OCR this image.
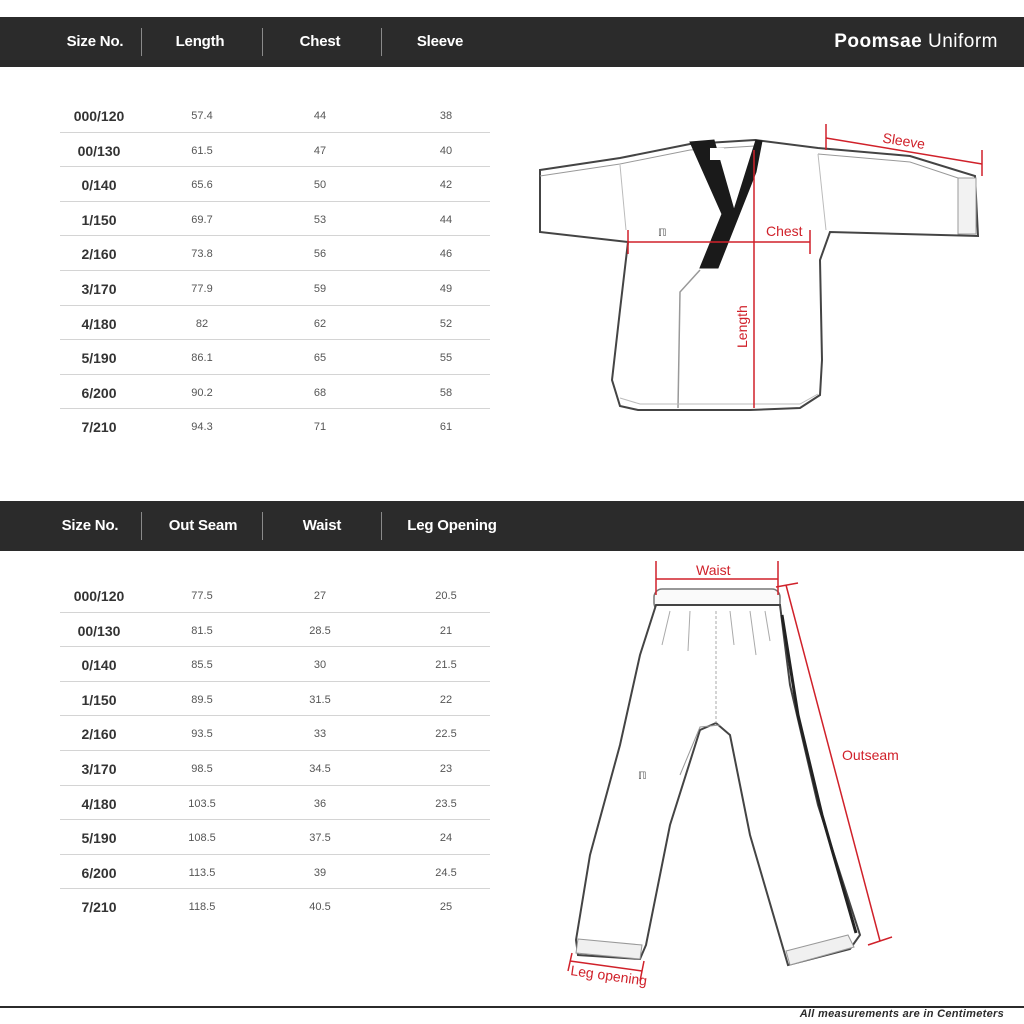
Size No.	Length	Chest	Sleeve	Poomsae Uniform
000/120	57.4	44	38
00/130	61.5	47	40
0/140	65.6	50	42
1/150	69.7	53	44
2/160	73.8	56	46
3/170	77.9	59	49
4/180	82	62	52
5/190	86.1	65	55
6/200	90.2	68	58
7/210	94.3	71	61
ℿ
Sleeve
Chest
Length
Size No.	Out Seam	Waist	Leg Opening
000/120	77.5	27	20.5
00/130	81.5	28.5	21
0/140	85.5	30	21.5
1/150	89.5	31.5	22
2/160	93.5	33	22.5
3/170	98.5	34.5	23
4/180	103.5	36	23.5
5/190	108.5	37.5	24
6/200	113.5	39	24.5
7/210	118.5	40.5	25
ℿ
Waist
Outseam
Leg opening
All measurements are in Centimeters
